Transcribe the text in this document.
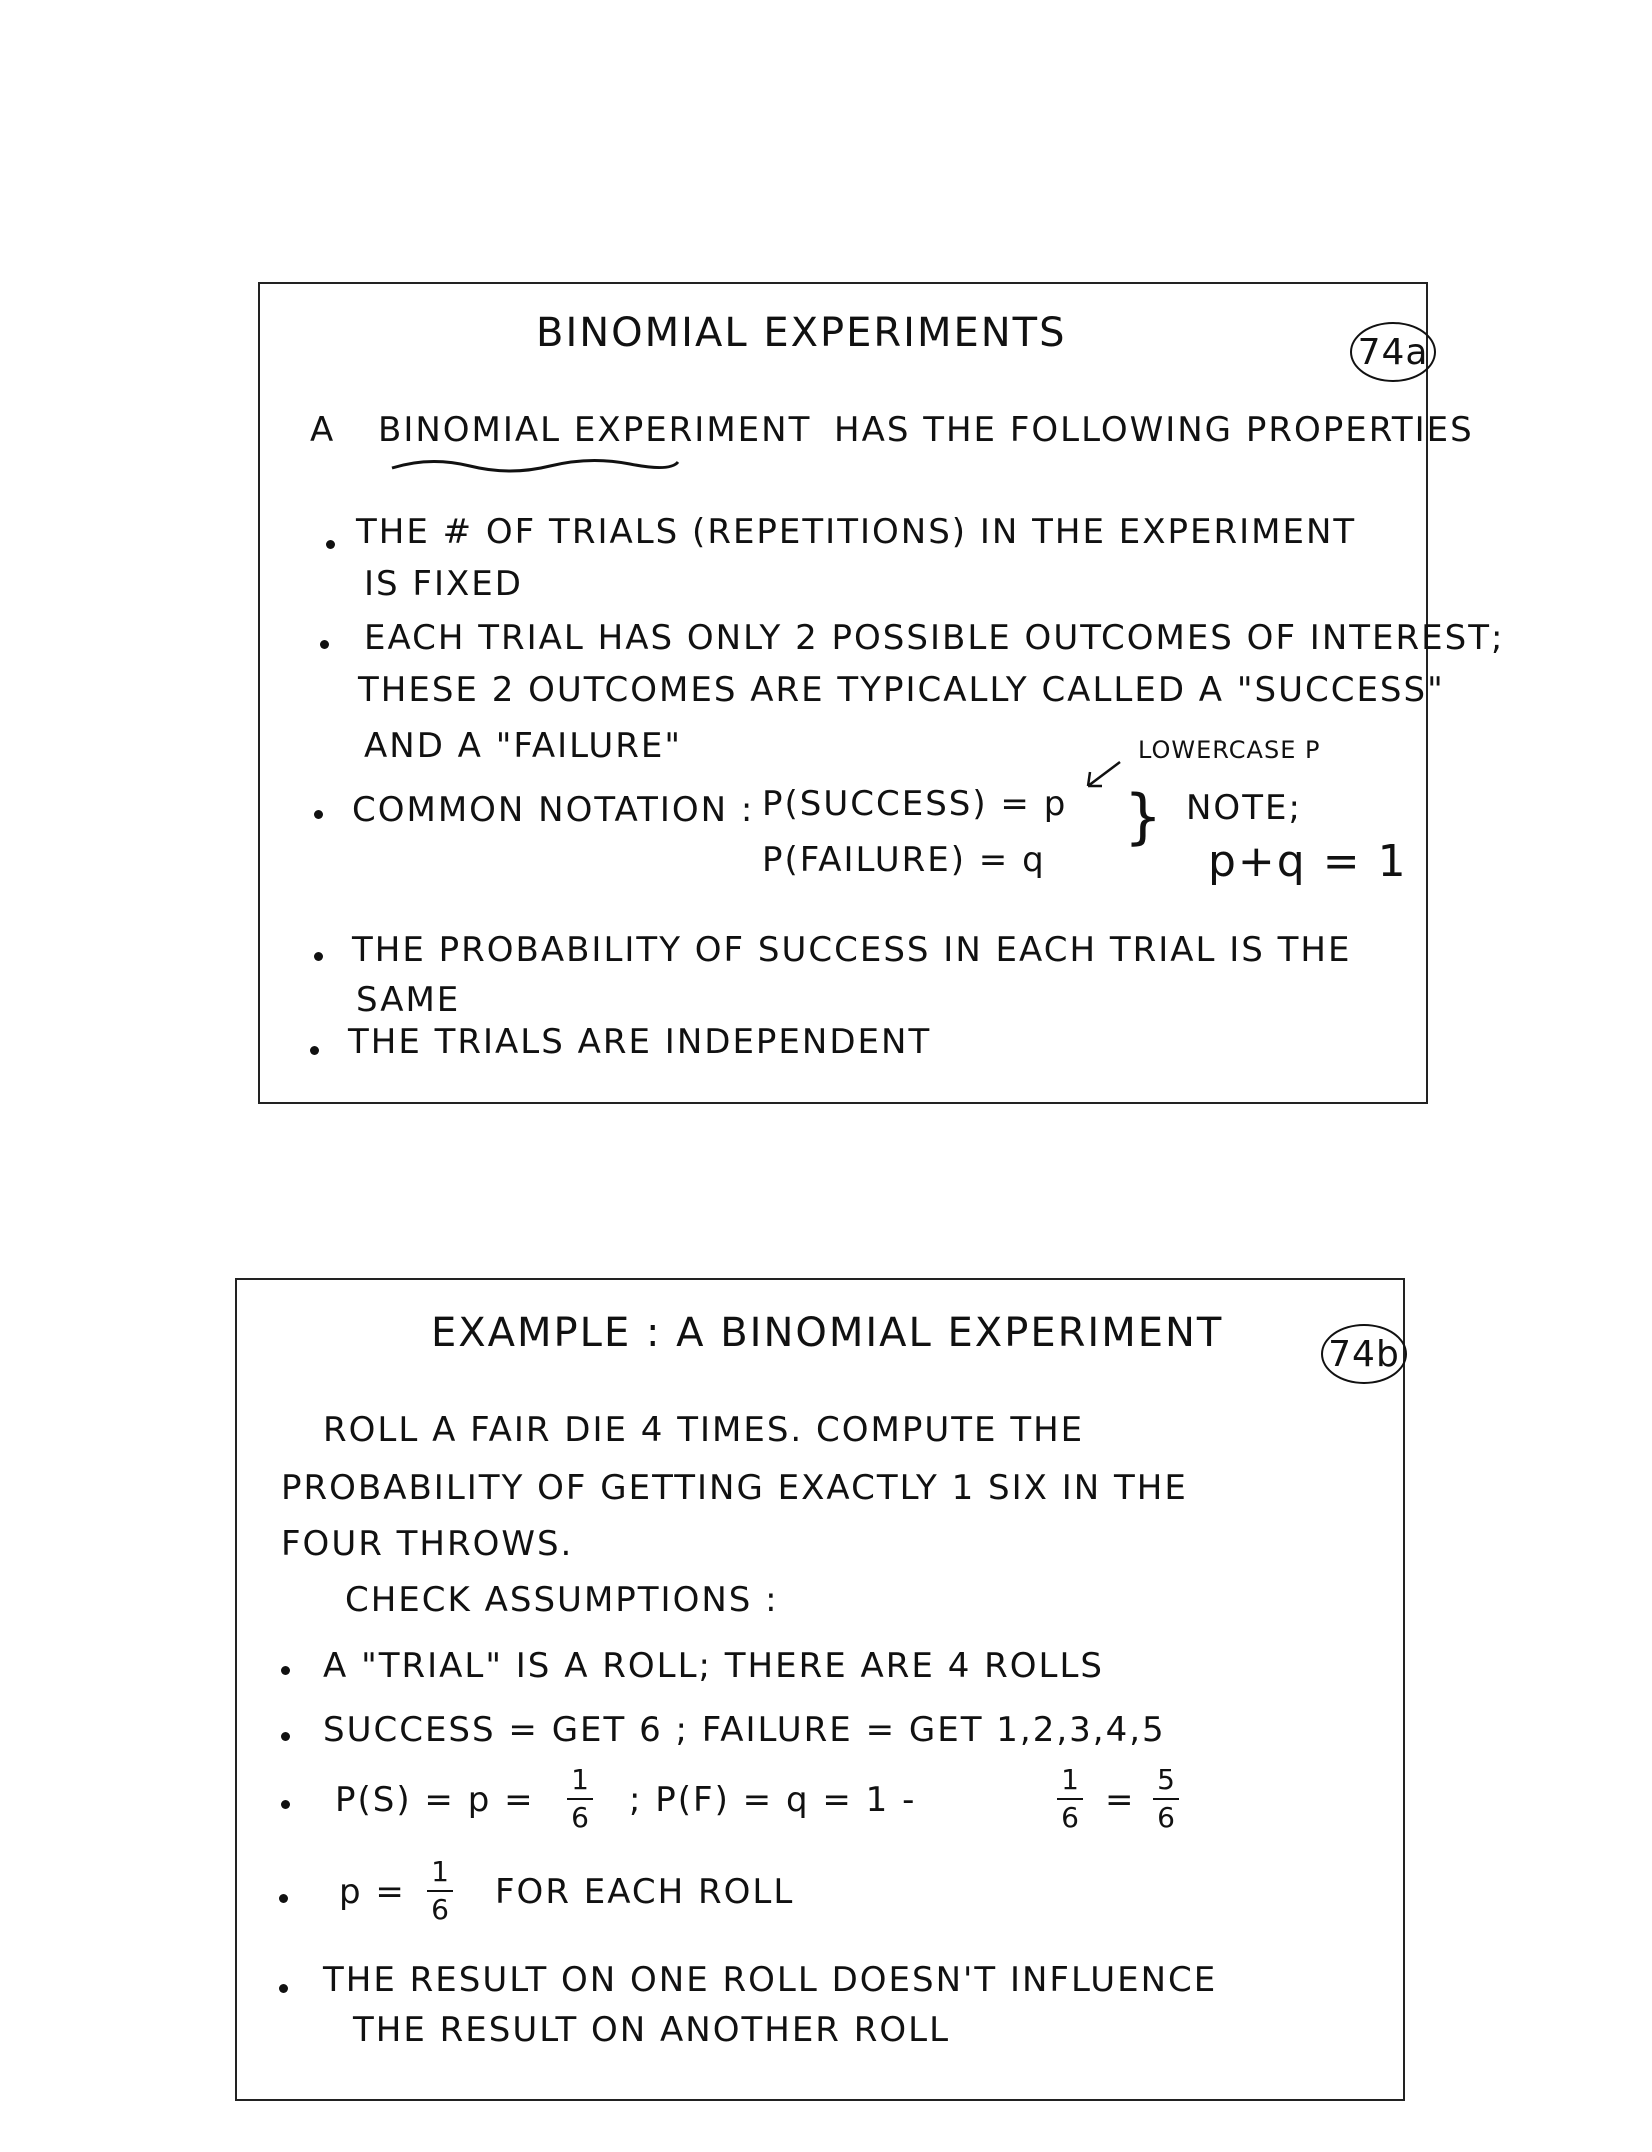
BINOMIAL EXPERIMENTS	74a
A BINOMIAL EXPERIMENT HAS THE FOLLOWING PROPERTIES
THE # OF TRIALS (REPETITIONS) IN THE EXPERIMENT
IS FIXED
EACH TRIAL HAS ONLY 2 POSSIBLE OUTCOMES OF INTEREST;
THESE 2 OUTCOMES ARE TYPICALLY CALLED A "SUCCESS"
AND A "FAILURE"	LOWERCASE P
COMMON NOTATION : P(SUCCESS) = p
P(FAILURE) = q
} NOTE;
p+q = 1
THE PROBABILITY OF SUCCESS IN EACH TRIAL IS THE
SAME
THE TRIALS ARE INDEPENDENT
EXAMPLE : A BINOMIAL EXPERIMENT	74b
ROLL A FAIR DIE 4 TIMES. COMPUTE THE
PROBABILITY OF GETTING EXACTLY 1 SIX IN THE
FOUR THROWS.
CHECK ASSUMPTIONS :
A "TRIAL" IS A ROLL; THERE ARE 4 ROLLS
SUCCESS = GET 6 ; FAILURE = GET 1,2,3,4,5
P(S) = p =
1
6 ; P(F) = q = 1 -
1
6 =
5
6
p =
1
6 FOR EACH ROLL
THE RESULT ON ONE ROLL DOESN'T INFLUENCE
THE RESULT ON ANOTHER ROLL
